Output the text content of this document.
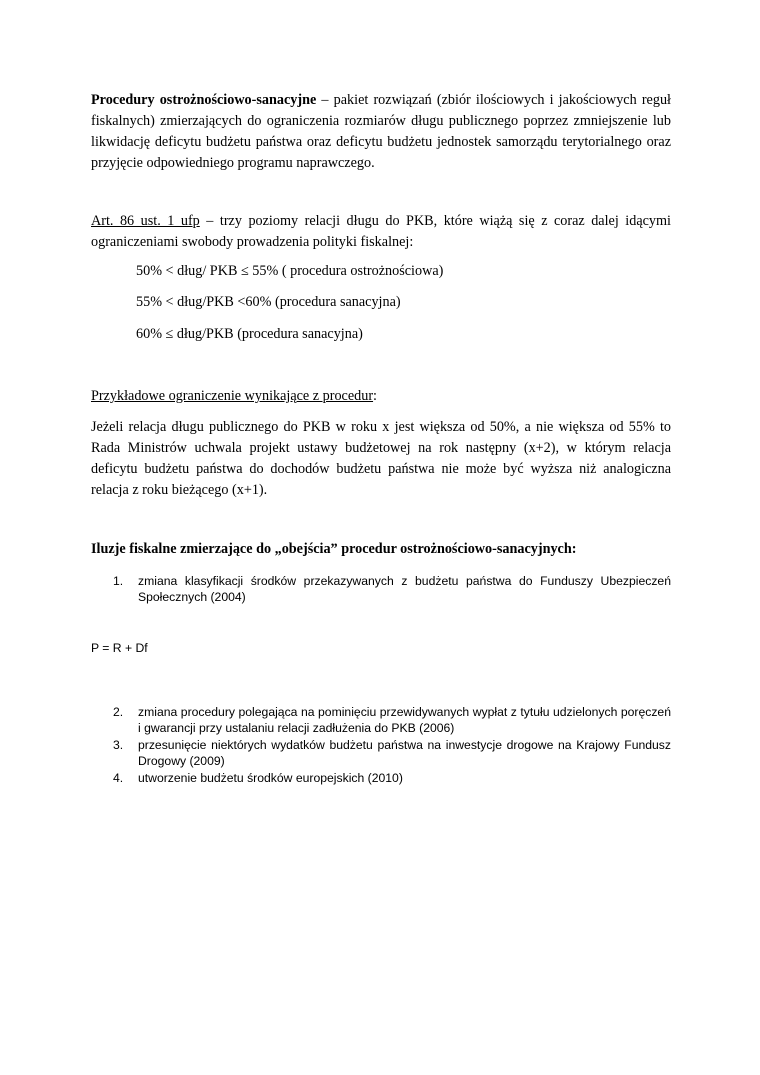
Procedury ostrożnościowo-sanacyjne – pakiet rozwiązań (zbiór ilościowych i jakościowych reguł fiskalnych) zmierzających do ograniczenia rozmiarów długu publicznego poprzez zmniejszenie lub likwidację deficytu budżetu państwa oraz deficytu budżetu jednostek samorządu terytorialnego oraz przyjęcie odpowiedniego programu naprawczego.

Art. 86 ust. 1 ufp – trzy poziomy relacji długu do PKB, które wiążą się z coraz dalej idącymi ograniczeniami swobody prowadzenia polityki fiskalnej:

50% < dług/ PKB ≤ 55% ( procedura ostrożnościowa)

55% < dług/PKB <60% (procedura sanacyjna)

60% ≤ dług/PKB (procedura sanacyjna)

Przykładowe ograniczenie wynikające z procedur:

Jeżeli relacja długu publicznego do PKB w roku x jest większa od 50%, a nie większa od 55% to Rada Ministrów uchwala projekt ustawy budżetowej na rok następny (x+2), w którym relacja deficytu budżetu państwa do dochodów budżetu państwa nie może być wyższa niż analogiczna relacja z roku bieżącego (x+1).

Iluzje fiskalne zmierzające do „obejścia” procedur ostrożnościowo-sanacyjnych:

1. zmiana klasyfikacji środków przekazywanych z budżetu państwa do Funduszy Ubezpieczeń Społecznych (2004)

P = R + Df

2. zmiana procedury polegająca na pominięciu przewidywanych wypłat z tytułu udzielonych poręczeń i gwarancji przy ustalaniu relacji zadłużenia do PKB (2006)
3. przesunięcie niektórych wydatków budżetu państwa na inwestycje drogowe na Krajowy Fundusz Drogowy (2009)
4. utworzenie budżetu środków europejskich (2010)
